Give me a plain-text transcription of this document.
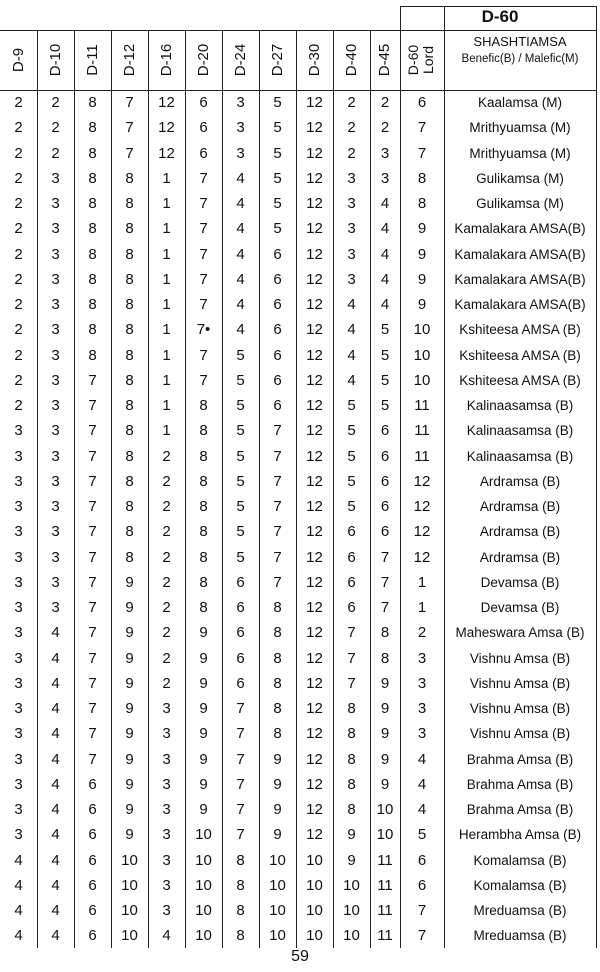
D-60
SHASHTIAMSA
Benefic(B) / Malefic(M)
D-9 D-10 D-11 D-12 D-16 D-20 D-24 D-27 D-30 D-40 D-45 D-60 Lord
2	2	8	7	12	6	3	5	12	2	2	6	Kaalamsa (M)
2	2	8	7	12	6	3	5	12	2	2	7	Mrithyuamsa (M)
2	2	8	7	12	6	3	5	12	2	3	7	Mrithyuamsa (M)
2	3	8	8	1	7	4	5	12	3	3	8	Gulikamsa (M)
2	3	8	8	1	7	4	5	12	3	4	8	Gulikamsa (M)
2	3	8	8	1	7	4	5	12	3	4	9	Kamalakara AMSA(B)
2	3	8	8	1	7	4	6	12	3	4	9	Kamalakara AMSA(B)
2	3	8	8	1	7	4	6	12	3	4	9	Kamalakara AMSA(B)
2	3	8	8	1	7	4	6	12	4	4	9	Kamalakara AMSA(B)
2	3	8	8	1	7•	4	6	12	4	5	10	Kshiteesa AMSA (B)
2	3	8	8	1	7	5	6	12	4	5	10	Kshiteesa AMSA (B)
2	3	7	8	1	7	5	6	12	4	5	10	Kshiteesa AMSA (B)
2	3	7	8	1	8	5	6	12	5	5	11	Kalinaasamsa (B)
3	3	7	8	1	8	5	7	12	5	6	11	Kalinaasamsa (B)
3	3	7	8	2	8	5	7	12	5	6	11	Kalinaasamsa (B)
3	3	7	8	2	8	5	7	12	5	6	12	Ardramsa (B)
3	3	7	8	2	8	5	7	12	5	6	12	Ardramsa (B)
3	3	7	8	2	8	5	7	12	6	6	12	Ardramsa (B)
3	3	7	8	2	8	5	7	12	6	7	12	Ardramsa (B)
3	3	7	9	2	8	6	7	12	6	7	1	Devamsa (B)
3	3	7	9	2	8	6	8	12	6	7	1	Devamsa (B)
3	4	7	9	2	9	6	8	12	7	8	2	Maheswara Amsa (B)
3	4	7	9	2	9	6	8	12	7	8	3	Vishnu Amsa (B)
3	4	7	9	2	9	6	8	12	7	9	3	Vishnu Amsa (B)
3	4	7	9	3	9	7	8	12	8	9	3	Vishnu Amsa (B)
3	4	7	9	3	9	7	8	12	8	9	3	Vishnu Amsa (B)
3	4	7	9	3	9	7	9	12	8	9	4	Brahma Amsa (B)
3	4	6	9	3	9	7	9	12	8	9	4	Brahma Amsa (B)
3	4	6	9	3	9	7	9	12	8	10	4	Brahma Amsa (B)
3	4	6	9	3	10	7	9	12	9	10	5	Herambha Amsa (B)
4	4	6	10	3	10	8	10	10	9	11	6	Komalamsa (B)
4	4	6	10	3	10	8	10	10	10	11	6	Komalamsa (B)
4	4	6	10	3	10	8	10	10	10	11	7	Mreduamsa (B)
4	4	6	10	4	10	8	10	10	10	11	7	Mreduamsa (B)
59
